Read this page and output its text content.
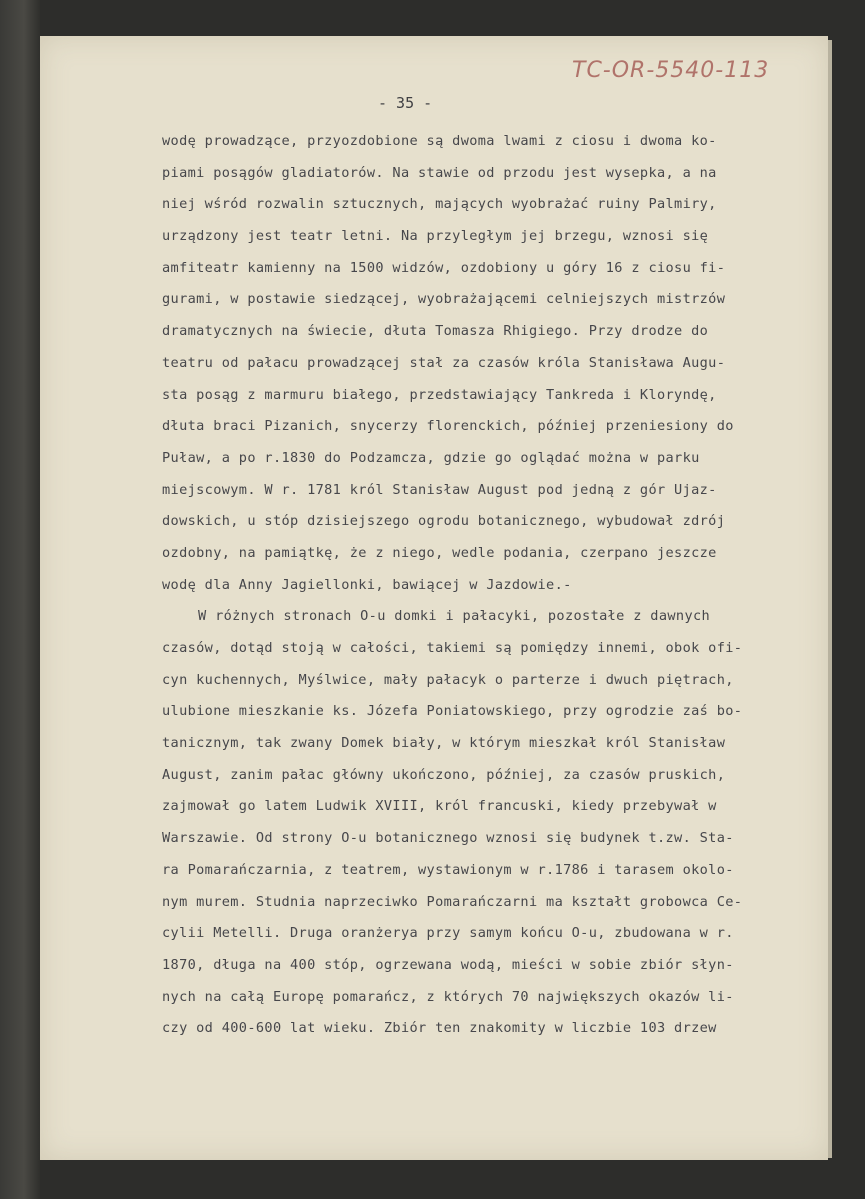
TC-OR-5540-113
- 35 -
wodę prowadzące, przyozdobione są dwoma lwami z ciosu i dwoma ko-
piami posągów gladiatorów. Na stawie od przodu jest wysepka, a na
niej wśród rozwalin sztucznych, mających wyobrażać ruiny Palmiry,
urządzony jest teatr letni. Na przyległym jej brzegu, wznosi się
amfiteatr kamienny na 1500 widzów, ozdobiony u góry 16 z ciosu fi-
gurami, w postawie siedzącej, wyobrażającemi celniejszych mistrzów
dramatycznych na świecie, dłuta Tomasza Rhigiego. Przy drodze do
teatru od pałacu prowadzącej stał za czasów króla Stanisława Augu-
sta posąg z marmuru białego, przedstawiający Tankreda i Kloryndę,
dłuta braci Pizanich, snycerzy florenckich, później przeniesiony do
Puław, a po r.1830 do Podzamcza, gdzie go oglądać można w parku
miejscowym. W r. 1781 król Stanisław August pod jedną z gór Ujaz-
dowskich, u stóp dzisiejszego ogrodu botanicznego, wybudował zdrój
ozdobny, na pamiątkę, że z niego, wedle podania, czerpano jeszcze
wodę dla Anny Jagiellonki, bawiącej w Jazdowie.-
W różnych stronach O-u domki i pałacyki, pozostałe z dawnych
czasów, dotąd stoją w całości, takiemi są pomiędzy innemi, obok ofi-
cyn kuchennych, Myślwice, mały pałacyk o parterze i dwuch piętrach,
ulubione mieszkanie ks. Józefa Poniatowskiego, przy ogrodzie zaś bo-
tanicznym, tak zwany Domek biały, w którym mieszkał król Stanisław
August, zanim pałac główny ukończono, później, za czasów pruskich,
zajmował go latem Ludwik XVIII, król francuski, kiedy przebywał w
Warszawie. Od strony O-u botanicznego wznosi się budynek t.zw. Sta-
ra Pomarańczarnia, z teatrem, wystawionym w r.1786 i tarasem okolo-
nym murem. Studnia naprzeciwko Pomarańczarni ma kształt grobowca Ce-
cylii Metelli. Druga oranżerya przy samym końcu O-u, zbudowana w r.
1870, długa na 400 stóp, ogrzewana wodą, mieści w sobie zbiór słyn-
nych na całą Europę pomarańcz, z których 70 największych okazów li-
czy od 400-600 lat wieku. Zbiór ten znakomity w liczbie 103 drzew
